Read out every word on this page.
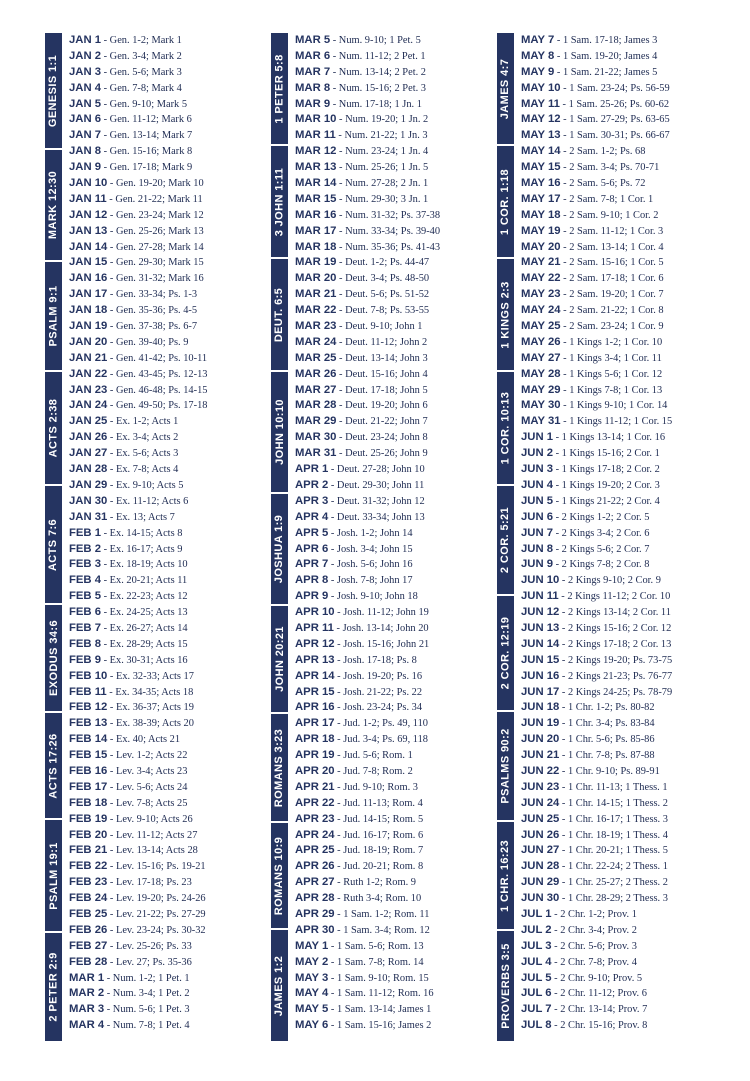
GENESIS 1:1
MARK 12:30
PSALM 9:1
ACTS 2:38
ACTS 7:6
EXODUS 34:6
ACTS 17:26
PSALM 19:1
2 PETER 2:9
JAN 1 - Gen. 1-2; Mark 1
JAN 2 - Gen. 3-4; Mark 2
JAN 3 - Gen. 5-6; Mark 3
JAN 4 - Gen. 7-8; Mark 4
JAN 5 - Gen. 9-10; Mark 5
JAN 6 - Gen. 11-12; Mark 6
JAN 7 - Gen. 13-14; Mark 7
JAN 8 - Gen. 15-16; Mark 8
JAN 9 - Gen. 17-18; Mark 9
JAN 10 - Gen. 19-20; Mark 10
JAN 11 - Gen. 21-22; Mark 11
JAN 12 - Gen. 23-24; Mark 12
JAN 13 - Gen. 25-26; Mark 13
JAN 14 - Gen. 27-28; Mark 14
JAN 15 - Gen. 29-30; Mark 15
JAN 16 - Gen. 31-32; Mark 16
JAN 17 - Gen. 33-34; Ps. 1-3
JAN 18 - Gen. 35-36; Ps. 4-5
JAN 19 - Gen. 37-38; Ps. 6-7
JAN 20 - Gen. 39-40; Ps. 9
JAN 21 - Gen. 41-42; Ps. 10-11
JAN 22 - Gen. 43-45; Ps. 12-13
JAN 23 - Gen. 46-48; Ps. 14-15
JAN 24 - Gen. 49-50; Ps. 17-18
JAN 25 - Ex. 1-2; Acts 1
JAN 26 - Ex. 3-4; Acts 2
JAN 27 - Ex. 5-6; Acts 3
JAN 28 - Ex. 7-8; Acts 4
JAN 29 - Ex. 9-10; Acts 5
JAN 30 - Ex. 11-12; Acts 6
JAN 31 - Ex. 13; Acts 7
FEB 1 - Ex. 14-15; Acts 8
FEB 2 - Ex. 16-17; Acts 9
FEB 3 - Ex. 18-19; Acts 10
FEB 4 - Ex. 20-21; Acts 11
FEB 5 - Ex. 22-23; Acts 12
FEB 6 - Ex. 24-25; Acts 13
FEB 7 - Ex. 26-27; Acts 14
FEB 8 - Ex. 28-29; Acts 15
FEB 9 - Ex. 30-31; Acts 16
FEB 10 - Ex. 32-33; Acts 17
FEB 11 - Ex. 34-35; Acts 18
FEB 12 - Ex. 36-37; Acts 19
FEB 13 - Ex. 38-39; Acts 20
FEB 14 - Ex. 40; Acts 21
FEB 15 - Lev. 1-2; Acts 22
FEB 16 - Lev. 3-4; Acts 23
FEB 17 - Lev. 5-6; Acts 24
FEB 18 - Lev. 7-8; Acts 25
FEB 19 - Lev. 9-10; Acts 26
FEB 20 - Lev. 11-12; Acts 27
FEB 21 - Lev. 13-14; Acts 28
FEB 22 - Lev. 15-16; Ps. 19-21
FEB 23 - Lev. 17-18; Ps. 23
FEB 24 - Lev. 19-20; Ps. 24-26
FEB 25 - Lev. 21-22; Ps. 27-29
FEB 26 - Lev. 23-24; Ps. 30-32
FEB 27 - Lev. 25-26; Ps. 33
FEB 28 - Lev. 27; Ps. 35-36
MAR 1 - Num. 1-2; 1 Pet. 1
MAR 2 - Num. 3-4; 1 Pet. 2
MAR 3 - Num. 5-6; 1 Pet. 3
MAR 4 - Num. 7-8; 1 Pet. 4
1 PETER 5:8
3 JOHN 1:11
DEUT. 6:5
JOHN 10:10
JOSHUA 1:9
JOHN 20:21
ROMANS 3:23
ROMANS 10:9
JAMES 1:2
MAR 5 - Num. 9-10; 1 Pet. 5
MAR 6 - Num. 11-12; 2 Pet. 1
MAR 7 - Num. 13-14; 2 Pet. 2
MAR 8 - Num. 15-16; 2 Pet. 3
MAR 9 - Num. 17-18; 1 Jn. 1
MAR 10 - Num. 19-20; 1 Jn. 2
MAR 11 - Num. 21-22; 1 Jn. 3
MAR 12 - Num. 23-24; 1 Jn. 4
MAR 13 - Num. 25-26; 1 Jn. 5
MAR 14 - Num. 27-28; 2 Jn. 1
MAR 15 - Num. 29-30; 3 Jn. 1
MAR 16 - Num. 31-32; Ps. 37-38
MAR 17 - Num. 33-34; Ps. 39-40
MAR 18 - Num. 35-36; Ps. 41-43
MAR 19 - Deut. 1-2; Ps. 44-47
MAR 20 - Deut. 3-4; Ps. 48-50
MAR 21 - Deut. 5-6; Ps. 51-52
MAR 22 - Deut. 7-8; Ps. 53-55
MAR 23 - Deut. 9-10; John 1
MAR 24 - Deut. 11-12; John 2
MAR 25 - Deut. 13-14; John 3
MAR 26 - Deut. 15-16; John 4
MAR 27 - Deut. 17-18; John 5
MAR 28 - Deut. 19-20; John 6
MAR 29 - Deut. 21-22; John 7
MAR 30 - Deut. 23-24; John 8
MAR 31 - Deut. 25-26; John 9
APR 1 - Deut. 27-28; John 10
APR 2 - Deut. 29-30; John 11
APR 3 - Deut. 31-32; John 12
APR 4 - Deut. 33-34; John 13
APR 5 - Josh. 1-2; John 14
APR 6 - Josh. 3-4; John 15
APR 7 - Josh. 5-6; John 16
APR 8 - Josh. 7-8; John 17
APR 9 - Josh. 9-10; John 18
APR 10 - Josh. 11-12; John 19
APR 11 - Josh. 13-14; John 20
APR 12 - Josh. 15-16; John 21
APR 13 - Josh. 17-18; Ps. 8
APR 14 - Josh. 19-20; Ps. 16
APR 15 - Josh. 21-22; Ps. 22
APR 16 - Josh. 23-24; Ps. 34
APR 17 - Jud. 1-2; Ps. 49, 110
APR 18 - Jud. 3-4; Ps. 69, 118
APR 19 - Jud. 5-6; Rom. 1
APR 20 - Jud. 7-8; Rom. 2
APR 21 - Jud. 9-10; Rom. 3
APR 22 - Jud. 11-13; Rom. 4
APR 23 - Jud. 14-15; Rom. 5
APR 24 - Jud. 16-17; Rom. 6
APR 25 - Jud. 18-19; Rom. 7
APR 26 - Jud. 20-21; Rom. 8
APR 27 - Ruth 1-2; Rom. 9
APR 28 - Ruth 3-4; Rom. 10
APR 29 - 1 Sam. 1-2; Rom. 11
APR 30 - 1 Sam. 3-4; Rom. 12
MAY 1 - 1 Sam. 5-6; Rom. 13
MAY 2 - 1 Sam. 7-8; Rom. 14
MAY 3 - 1 Sam. 9-10; Rom. 15
MAY 4 - 1 Sam. 11-12; Rom. 16
MAY 5 - 1 Sam. 13-14; James 1
MAY 6 - 1 Sam. 15-16; James 2
JAMES 4:7
1 COR. 1:18
1 KINGS 2:3
1 COR. 10:13
2 COR. 5:21
2 COR. 12:19
PSALMS 90:2
1 CHR. 16:23
PROVERBS 3:5
MAY 7 - 1 Sam. 17-18; James 3
MAY 8 - 1 Sam. 19-20; James 4
MAY 9 - 1 Sam. 21-22; James 5
MAY 10 - 1 Sam. 23-24; Ps. 56-59
MAY 11 - 1 Sam. 25-26; Ps. 60-62
MAY 12 - 1 Sam. 27-29; Ps. 63-65
MAY 13 - 1 Sam. 30-31; Ps. 66-67
MAY 14 - 2 Sam. 1-2; Ps. 68
MAY 15 - 2 Sam. 3-4; Ps. 70-71
MAY 16 - 2 Sam. 5-6; Ps. 72
MAY 17 - 2 Sam. 7-8; 1 Cor. 1
MAY 18 - 2 Sam. 9-10; 1 Cor. 2
MAY 19 - 2 Sam. 11-12; 1 Cor. 3
MAY 20 - 2 Sam. 13-14; 1 Cor. 4
MAY 21 - 2 Sam. 15-16; 1 Cor. 5
MAY 22 - 2 Sam. 17-18; 1 Cor. 6
MAY 23 - 2 Sam. 19-20; 1 Cor. 7
MAY 24 - 2 Sam. 21-22; 1 Cor. 8
MAY 25 - 2 Sam. 23-24; 1 Cor. 9
MAY 26 - 1 Kings 1-2; 1 Cor. 10
MAY 27 - 1 Kings 3-4; 1 Cor. 11
MAY 28 - 1 Kings 5-6; 1 Cor. 12
MAY 29 - 1 Kings 7-8; 1 Cor. 13
MAY 30 - 1 Kings 9-10; 1 Cor. 14
MAY 31 - 1 Kings 11-12; 1 Cor. 15
JUN 1 - 1 Kings 13-14; 1 Cor. 16
JUN 2 - 1 Kings 15-16; 2 Cor. 1
JUN 3 - 1 Kings 17-18; 2 Cor. 2
JUN 4 - 1 Kings 19-20; 2 Cor. 3
JUN 5 - 1 Kings 21-22; 2 Cor. 4
JUN 6 - 2 Kings 1-2; 2 Cor. 5
JUN 7 - 2 Kings 3-4; 2 Cor. 6
JUN 8 - 2 Kings 5-6; 2 Cor. 7
JUN 9 - 2 Kings 7-8; 2 Cor. 8
JUN 10 - 2 Kings 9-10; 2 Cor. 9
JUN 11 - 2 Kings 11-12; 2 Cor. 10
JUN 12 - 2 Kings 13-14; 2 Cor. 11
JUN 13 - 2 Kings 15-16; 2 Cor. 12
JUN 14 - 2 Kings 17-18; 2 Cor. 13
JUN 15 - 2 Kings 19-20; Ps. 73-75
JUN 16 - 2 Kings 21-23; Ps. 76-77
JUN 17 - 2 Kings 24-25; Ps. 78-79
JUN 18 - 1 Chr. 1-2; Ps. 80-82
JUN 19 - 1 Chr. 3-4; Ps. 83-84
JUN 20 - 1 Chr. 5-6; Ps. 85-86
JUN 21 - 1 Chr. 7-8; Ps. 87-88
JUN 22 - 1 Chr. 9-10; Ps. 89-91
JUN 23 - 1 Chr. 11-13; 1 Thess. 1
JUN 24 - 1 Chr. 14-15; 1 Thess. 2
JUN 25 - 1 Chr. 16-17; 1 Thess. 3
JUN 26 - 1 Chr. 18-19; 1 Thess. 4
JUN 27 - 1 Chr. 20-21; 1 Thess. 5
JUN 28 - 1 Chr. 22-24; 2 Thess. 1
JUN 29 - 1 Chr. 25-27; 2 Thess. 2
JUN 30 - 1 Chr. 28-29; 2 Thess. 3
JUL 1 - 2 Chr. 1-2; Prov. 1
JUL 2 - 2 Chr. 3-4; Prov. 2
JUL 3 - 2 Chr. 5-6; Prov. 3
JUL 4 - 2 Chr. 7-8; Prov. 4
JUL 5 - 2 Chr. 9-10; Prov. 5
JUL 6 - 2 Chr. 11-12; Prov. 6
JUL 7 - 2 Chr. 13-14; Prov. 7
JUL 8 - 2 Chr. 15-16; Prov. 8
